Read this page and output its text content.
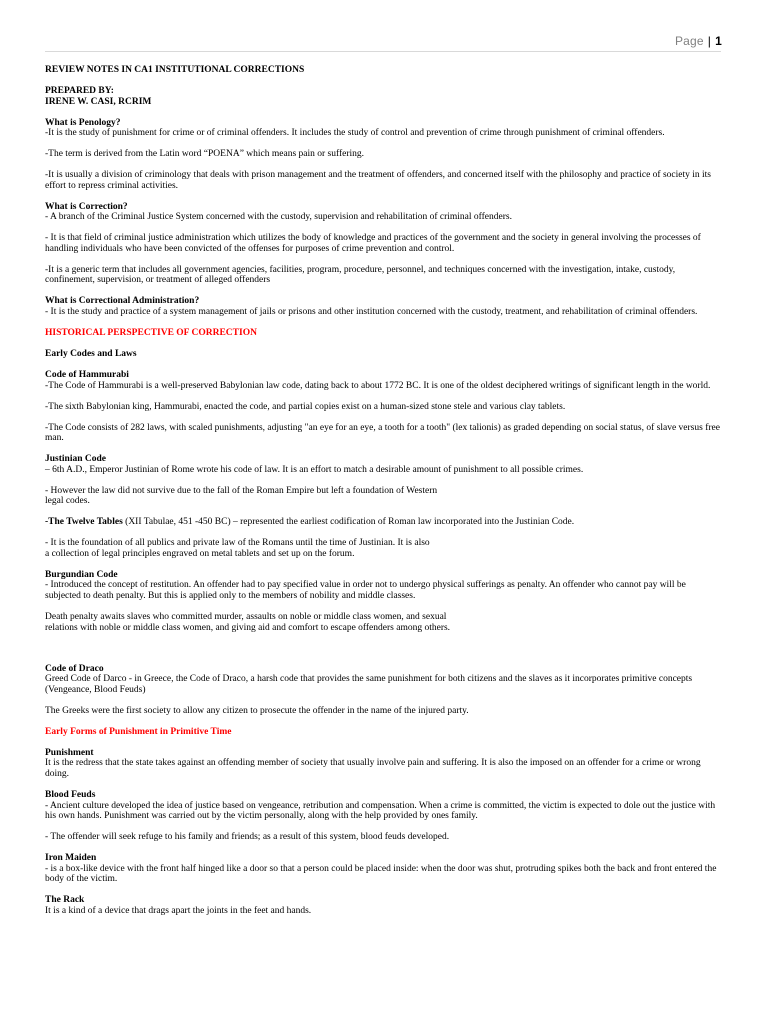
Page | 1

REVIEW NOTES IN CA1 INSTITUTIONAL CORRECTIONS

PREPARED BY:
IRENE W. CASI, RCRIM

What is Penology?
-It is the study of punishment for crime or of criminal offenders. It includes the study of control and prevention of crime through punishment of criminal offenders.

-The term is derived from the Latin word “POENA” which means pain or suffering.

-It is usually a division of criminology that deals with prison management and the treatment of offenders, and concerned itself with the philosophy and practice of society in its effort to repress criminal activities.

What is Correction?
- A branch of the Criminal Justice System concerned with the custody, supervision and rehabilitation of criminal offenders.

- It is that field of criminal justice administration which utilizes the body of knowledge and practices of the government and the society in general involving the processes of handling individuals who have been convicted of the offenses for purposes of crime prevention and control.

-It is a generic term that includes all government agencies, facilities, program, procedure, personnel, and techniques concerned with the investigation, intake, custody, confinement, supervision, or treatment of alleged offenders

What is Correctional Administration?
- It is the study and practice of a system management of jails or prisons and other institution concerned with the custody, treatment, and rehabilitation of criminal offenders.

HISTORICAL PERSPECTIVE OF CORRECTION

Early Codes and Laws

Code of Hammurabi
-The Code of Hammurabi is a well-preserved Babylonian law code, dating back to about 1772 BC. It is one of the oldest deciphered writings of significant length in the world.

-The sixth Babylonian king, Hammurabi, enacted the code, and partial copies exist on a human-sized stone stele and various clay tablets.

-The Code consists of 282 laws, with scaled punishments, adjusting "an eye for an eye, a tooth for a tooth" (lex talionis) as graded depending on social status, of slave versus free man.

Justinian Code
– 6th A.D., Emperor Justinian of Rome wrote his code of law. It is an effort to match a desirable amount of punishment to all possible crimes.

- However the law did not survive due to the fall of the Roman Empire but left a foundation of Western
legal codes.

-The Twelve Tables (XII Tabulae, 451 -450 BC) – represented the earliest codification of Roman law incorporated into the Justinian Code.

- It is the foundation of all publics and private law of the Romans until the time of Justinian. It is also
a collection of legal principles engraved on metal tablets and set up on the forum.

Burgundian Code
- Introduced the concept of restitution. An offender had to pay specified value in order not to undergo physical sufferings as penalty. An offender who cannot pay will be subjected to death penalty. But this is applied only to the members of nobility and middle classes.

Death penalty awaits slaves who committed murder, assaults on noble or middle class women, and sexual
relations with noble or middle class women, and giving aid and comfort to escape offenders among others.

Code of Draco
Greed Code of Darco - in Greece, the Code of Draco, a harsh code that provides the same punishment for both citizens and the slaves as it incorporates primitive concepts (Vengeance, Blood Feuds)

The Greeks were the first society to allow any citizen to prosecute the offender in the name of the injured party.

Early Forms of Punishment in Primitive Time

Punishment
It is the redress that the state takes against an offending member of society that usually involve pain and suffering. It is also the imposed on an offender for a crime or wrong doing.

Blood Feuds
- Ancient culture developed the idea of justice based on vengeance, retribution and compensation. When a crime is committed, the victim is expected to dole out the justice with his own hands. Punishment was carried out by the victim personally, along with the help provided by ones family.

- The offender will seek refuge to his family and friends; as a result of this system, blood feuds developed.

Iron Maiden
- is a box-like device with the front half hinged like a door so that a person could be placed inside: when the door was shut, protruding spikes both the back and front entered the body of the victim.

The Rack
It is a kind of a device that drags apart the joints in the feet and hands.
